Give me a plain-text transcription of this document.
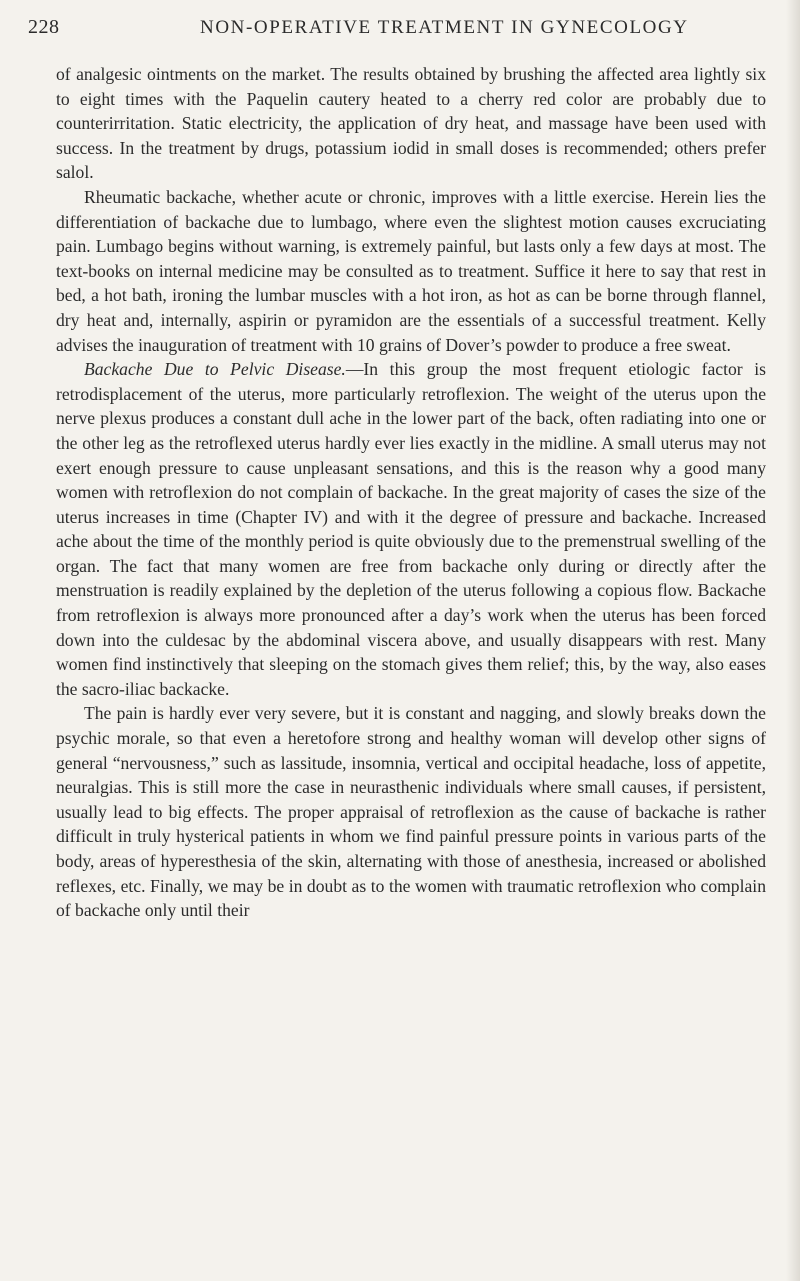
228	NON-OPERATIVE TREATMENT IN GYNECOLOGY

of analgesic ointments on the market. The results obtained by brushing the affected area lightly six to eight times with the Paquelin cautery heated to a cherry red color are probably due to counterirritation. Static electricity, the application of dry heat, and massage have been used with success. In the treatment by drugs, potassium iodid in small doses is recommended; others prefer salol.

Rheumatic backache, whether acute or chronic, improves with a little exercise. Herein lies the differentiation of backache due to lumbago, where even the slightest motion causes excruciating pain. Lumbago begins without warning, is extremely painful, but lasts only a few days at most. The text-books on internal medicine may be consulted as to treatment. Suffice it here to say that rest in bed, a hot bath, ironing the lumbar muscles with a hot iron, as hot as can be borne through flannel, dry heat and, internally, aspirin or pyramidon are the essentials of a successful treatment. Kelly advises the inauguration of treatment with 10 grains of Dover’s powder to produce a free sweat.

Backache Due to Pelvic Disease.—In this group the most frequent etiologic factor is retrodisplacement of the uterus, more particularly retroflexion. The weight of the uterus upon the nerve plexus produces a constant dull ache in the lower part of the back, often radiating into one or the other leg as the retroflexed uterus hardly ever lies exactly in the midline. A small uterus may not exert enough pressure to cause unpleasant sensations, and this is the reason why a good many women with retroflexion do not complain of backache. In the great majority of cases the size of the uterus increases in time (Chapter IV) and with it the degree of pressure and backache. Increased ache about the time of the monthly period is quite obviously due to the premenstrual swelling of the organ. The fact that many women are free from backache only during or directly after the menstruation is readily explained by the depletion of the uterus following a copious flow. Backache from retroflexion is always more pronounced after a day’s work when the uterus has been forced down into the culdesac by the abdominal viscera above, and usually disappears with rest. Many women find instinctively that sleeping on the stomach gives them relief; this, by the way, also eases the sacro-iliac backacke.

The pain is hardly ever very severe, but it is constant and nagging, and slowly breaks down the psychic morale, so that even a heretofore strong and healthy woman will develop other signs of general “nervousness,” such as lassitude, insomnia, vertical and occipital headache, loss of appetite, neuralgias. This is still more the case in neurasthenic individuals where small causes, if persistent, usually lead to big effects. The proper appraisal of retroflexion as the cause of backache is rather difficult in truly hysterical patients in whom we find painful pressure points in various parts of the body, areas of hyperesthesia of the skin, alternating with those of anesthesia, increased or abolished reflexes, etc. Finally, we may be in doubt as to the women with traumatic retroflexion who complain of backache only until their
